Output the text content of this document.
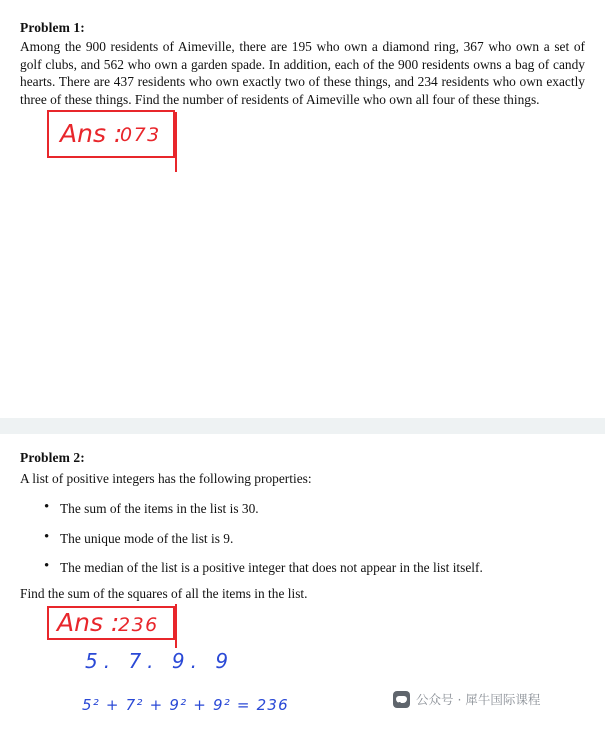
Problem 1:
Among the 900 residents of Aimeville, there are 195 who own a diamond ring, 367 who own a set of golf clubs, and 562 who own a garden spade. In addition, each of the 900 residents owns a bag of candy hearts. There are 437 residents who own exactly two of these things, and 234 residents who own exactly three of these things. Find the number of residents of Aimeville who own all four of these things.
Ans :
073
Problem 2:
A list of positive integers has the following properties:
• The sum of the items in the list is 30.
• The unique mode of the list is 9.
• The median of the list is a positive integer that does not appear in the list itself.
Find the sum of the squares of all the items in the list.
Ans :
236
5. 7. 9. 9
5² + 7² + 9² + 9² = 236	公众号 · 犀牛国际课程
